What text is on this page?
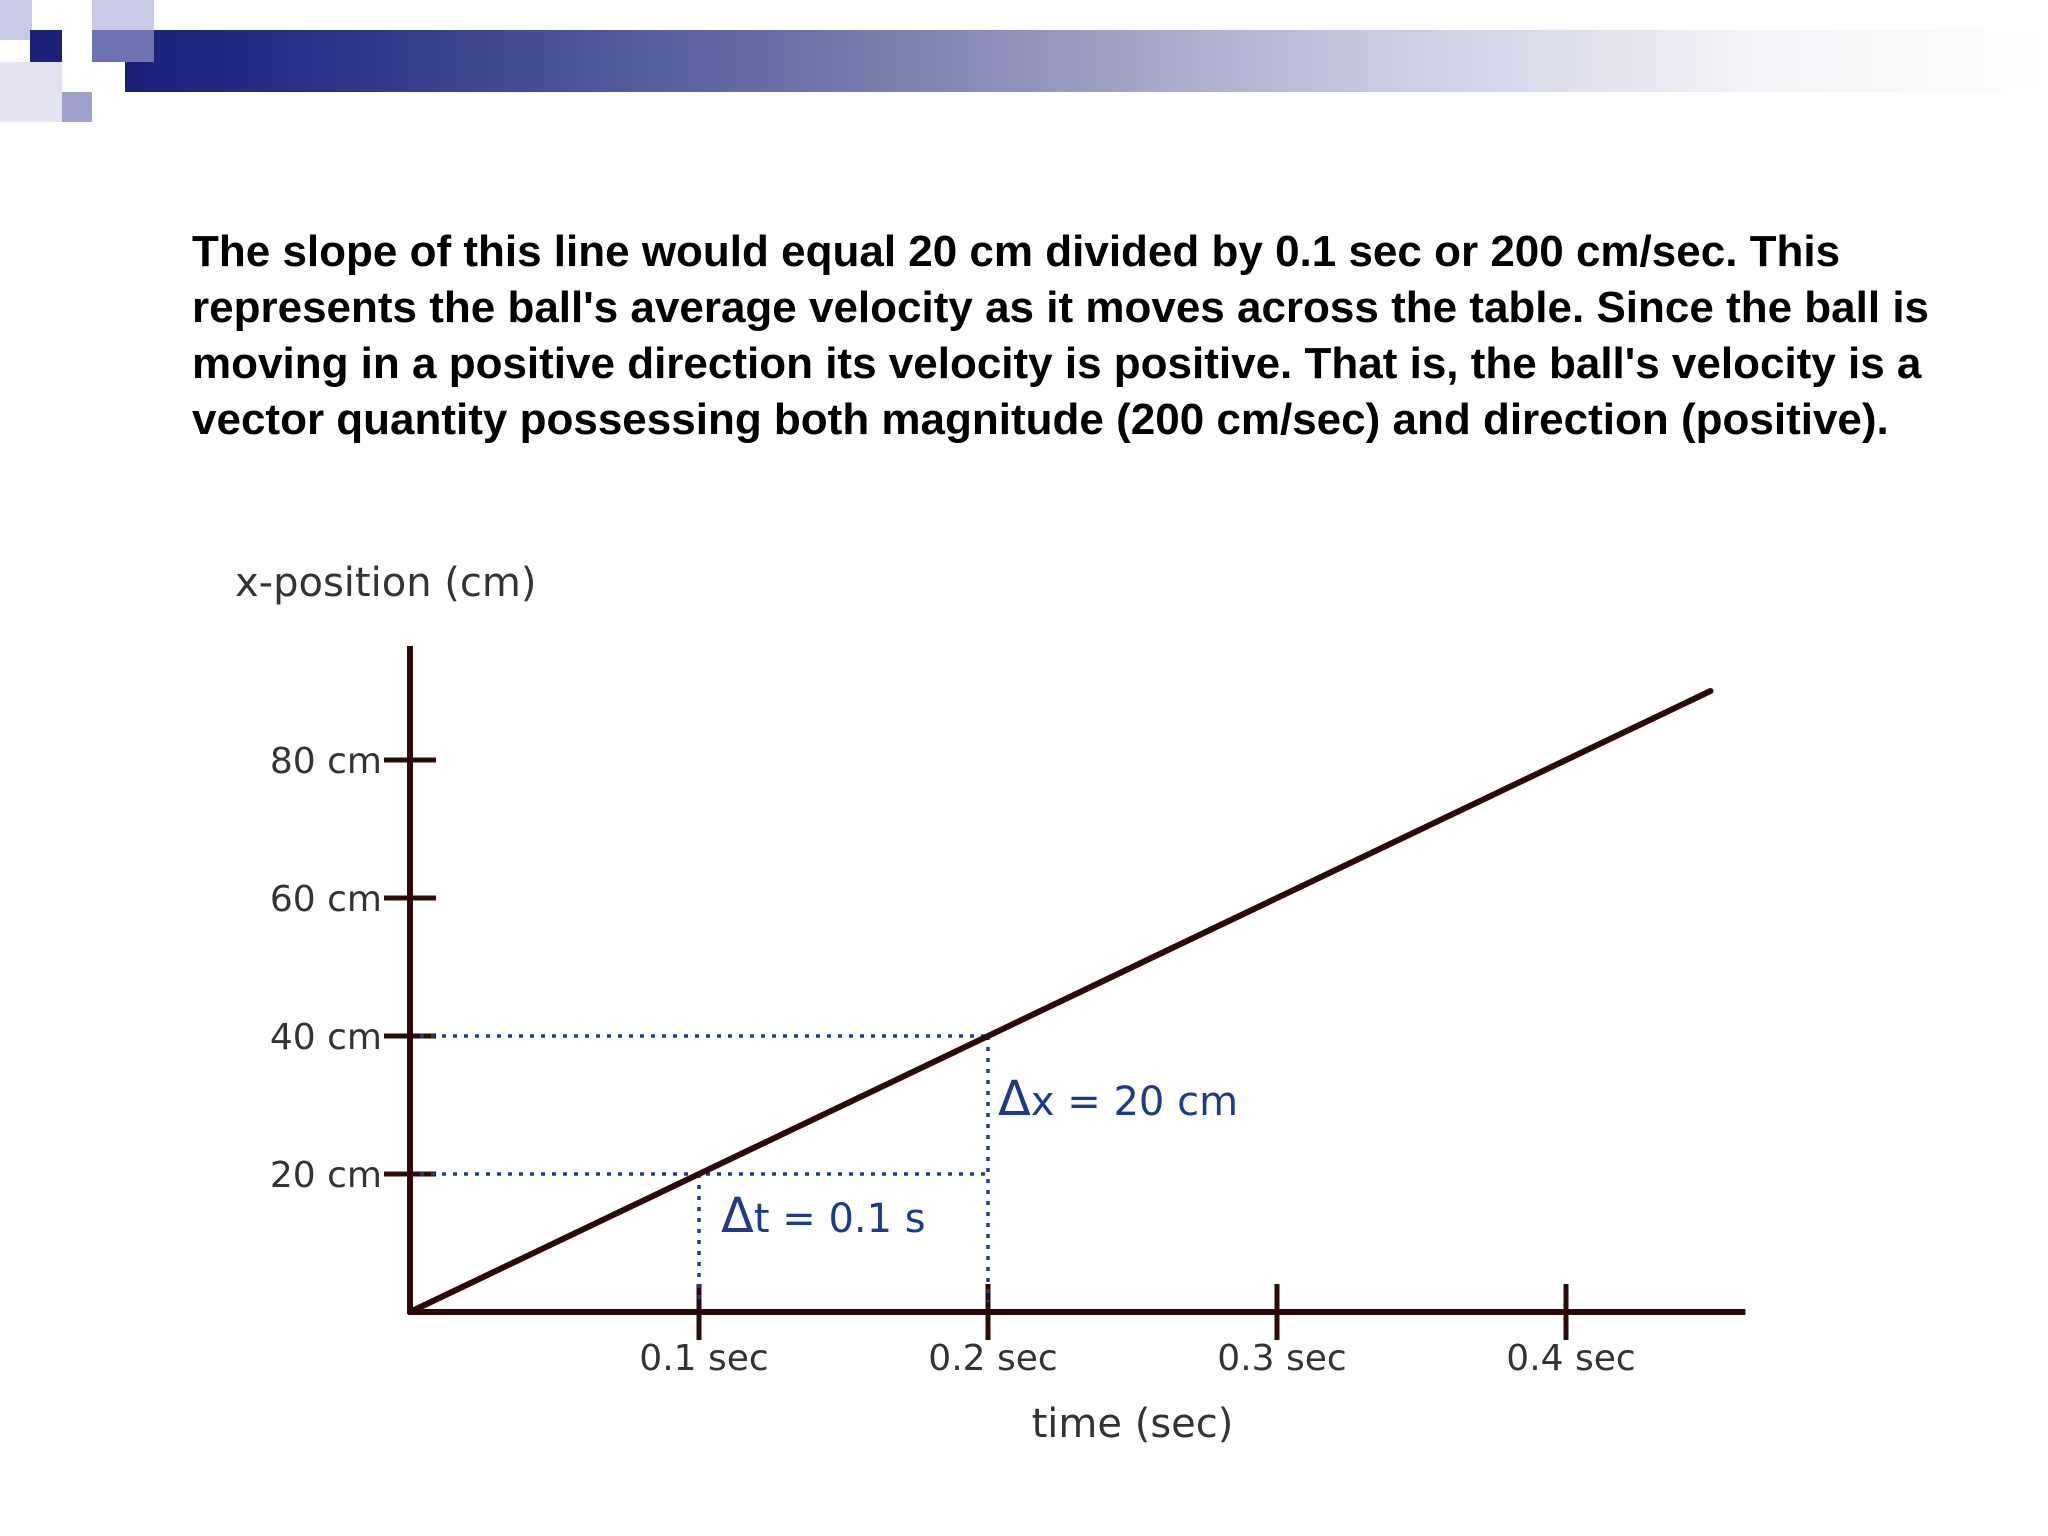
The slope of this line would equal 20 cm divided by 0.1 sec or 200 cm/sec. This represents the ball's average velocity as it moves across the table. Since the ball is moving in a positive direction its velocity is positive. That is, the ball's velocity is a vector quantity possessing both magnitude (200 cm/sec) and direction (positive).

20 cm
40 cm
60 cm
80 cm
0.1 sec	0.2 sec	0.3 sec	0.4 sec
x-position (cm)
time (sec)
Δt = 0.1 s
Δx = 20 cm
